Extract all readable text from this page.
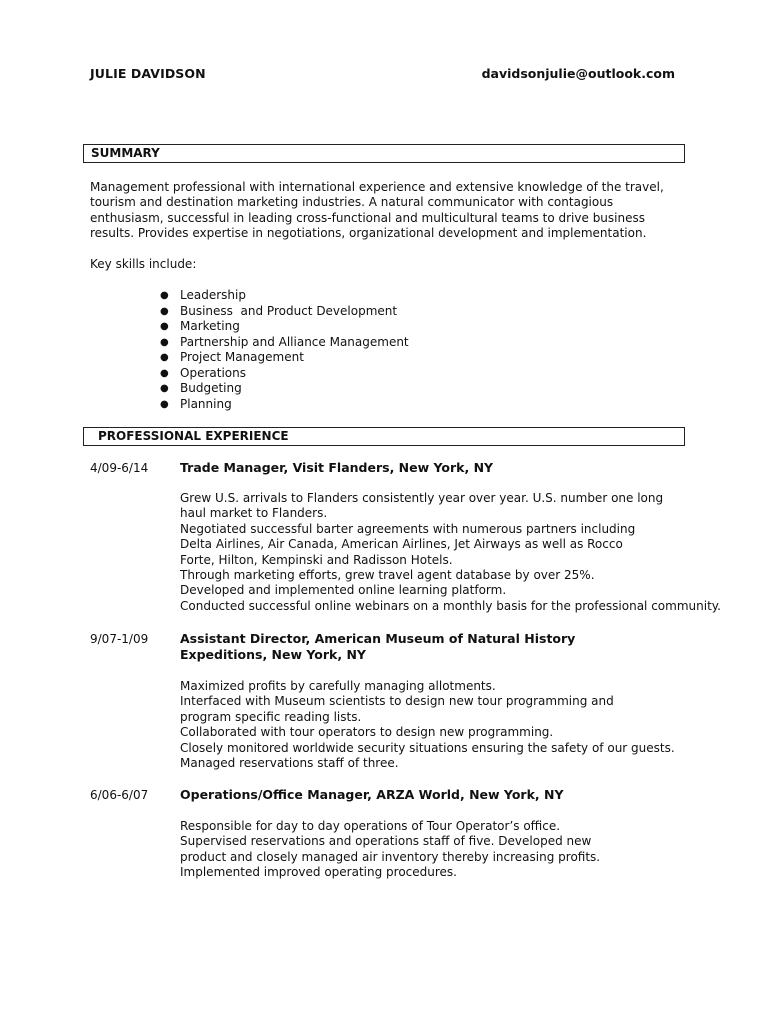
JULIE DAVIDSON	davidsonjulie@outlook.com
SUMMARY
Management professional with international experience and extensive knowledge of the travel, tourism and destination marketing industries. A natural communicator with contagious enthusiasm, successful in leading cross-functional and multicultural teams to drive business results. Provides expertise in negotiations, organizational development and implementation.
Key skills include:
● Leadership
● Business  and Product Development
● Marketing
● Partnership and Alliance Management
● Project Management
● Operations
● Budgeting
● Planning
PROFESSIONAL EXPERIENCE
4/09-6/14	Trade Manager, Visit Flanders, New York, NY

Grew U.S. arrivals to Flanders consistently year over year. U.S. number one long haul market to Flanders.

Negotiated successful barter agreements with numerous partners including Delta Airlines, Air Canada, American Airlines, Jet Airways as well as Rocco Forte, Hilton, Kempinski and Radisson Hotels.

Through marketing efforts, grew travel agent database by over 25%.

Developed and implemented online learning platform.

Conducted successful online webinars on a monthly basis for the professional community.

9/07-1/09	Assistant Director, American Museum of Natural History Expeditions, New York, NY

Maximized profits by carefully managing allotments.

Interfaced with Museum scientists to design new tour programming and program specific reading lists.

Collaborated with tour operators to design new programming.

Closely monitored worldwide security situations ensuring the safety of our guests.

Managed reservations staff of three.

6/06-6/07	Operations/Office Manager, ARZA World, New York, NY

Responsible for day to day operations of Tour Operator’s office. Supervised reservations and operations staff of five. Developed new product and closely managed air inventory thereby increasing profits.

Implemented improved operating procedures.
